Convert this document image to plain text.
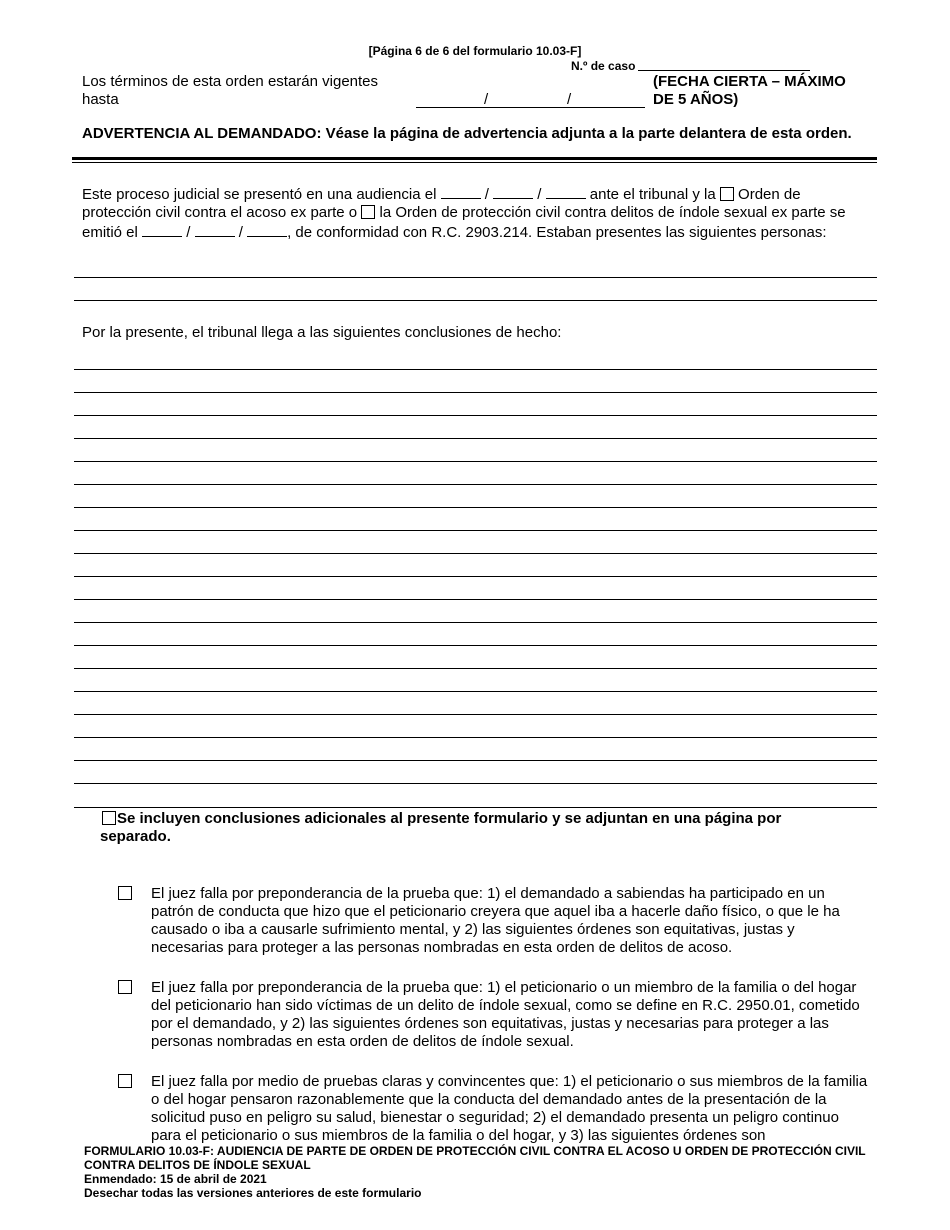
[Página 6 de 6 del formulario 10.03-F]
N.º de caso
Los términos de esta orden estarán vigentes hasta	/	/
(FECHA CIERTA – MÁXIMO DE 5 AÑOS)
ADVERTENCIA AL DEMANDADO: Véase la página de advertencia adjunta a la parte delantera de esta orden.
Este proceso judicial se presentó en una audiencia el	/	/	ante el tribunal y la Orden de protección civil contra el acoso ex parte o la Orden de protección civil contra delitos de índole sexual ex parte se emitió el	/	/	, de conformidad con R.C. 2903.214. Estaban presentes las siguientes personas:
Por la presente, el tribunal llega a las siguientes conclusiones de hecho:
Se incluyen conclusiones adicionales al presente formulario y se adjuntan en una página por separado.
El juez falla por preponderancia de la prueba que: 1) el demandado a sabiendas ha participado en un patrón de conducta que hizo que el peticionario creyera que aquel iba a hacerle daño físico, o que le ha causado o iba a causarle sufrimiento mental, y 2) las siguientes órdenes son equitativas, justas y necesarias para proteger a las personas nombradas en esta orden de delitos de acoso.
El juez falla por preponderancia de la prueba que: 1) el peticionario o un miembro de la familia o del hogar del peticionario han sido víctimas de un delito de índole sexual, como se define en R.C. 2950.01, cometido por el demandado, y 2) las siguientes órdenes son equitativas, justas y necesarias para proteger a las personas nombradas en esta orden de delitos de índole sexual.
El juez falla por medio de pruebas claras y convincentes que: 1) el peticionario o sus miembros de la familia o del hogar pensaron razonablemente que la conducta del demandado antes de la presentación de la solicitud puso en peligro su salud, bienestar o seguridad; 2) el demandado presenta un peligro continuo para el peticionario o sus miembros de la familia o del hogar, y 3) las siguientes órdenes son
FORMULARIO 10.03-F: AUDIENCIA DE PARTE DE ORDEN DE PROTECCIÓN CIVIL CONTRA EL ACOSO U ORDEN DE PROTECCIÓN CIVIL CONTRA DELITOS DE ÍNDOLE SEXUAL
Enmendado: 15 de abril de 2021
Desechar todas las versiones anteriores de este formulario
